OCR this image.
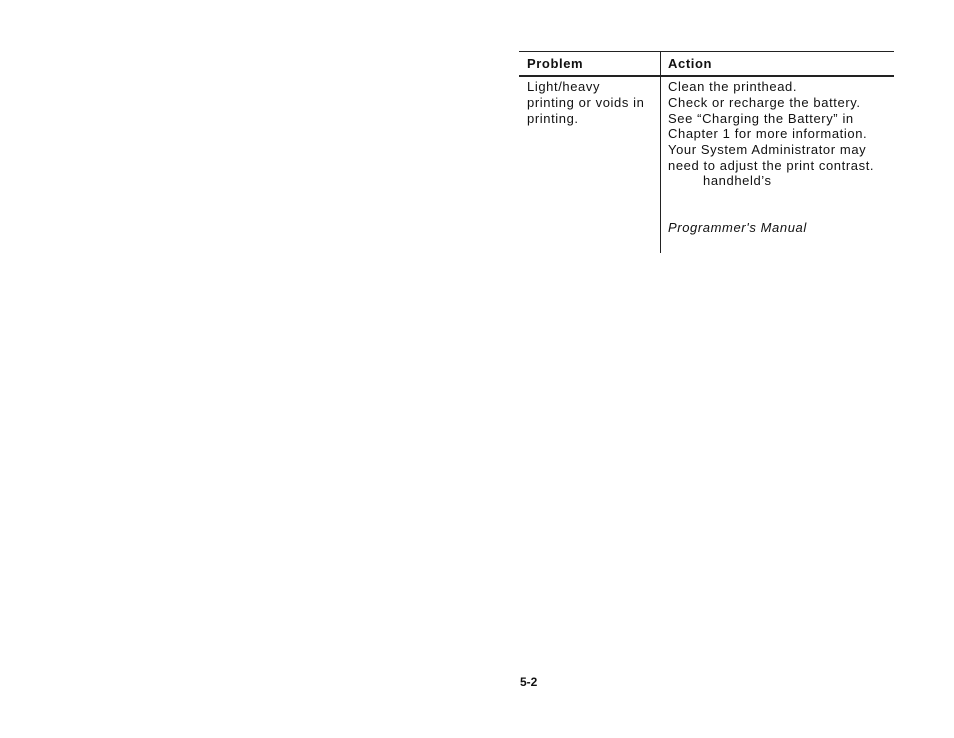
Problem	Action
Light/heavy
printing or voids in
printing.
Clean the printhead.
Check or recharge the battery.
See “Charging the Battery” in
Chapter 1 for more information.
Your System Administrator may
need to adjust the print contrast.
handheld’s
Programmer's Manual
5-2
